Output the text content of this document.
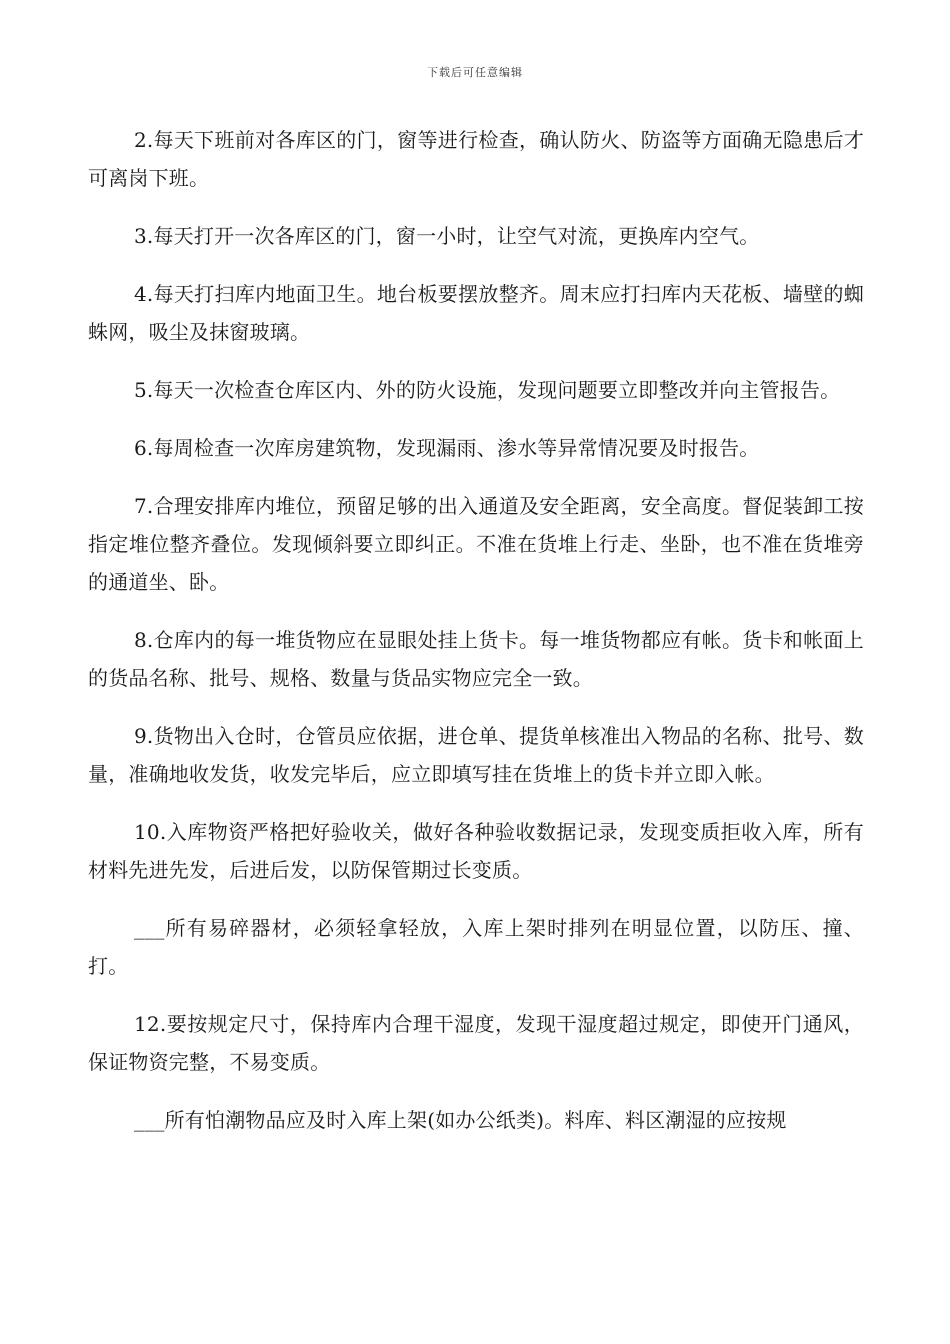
下载后可任意编辑

2.每天下班前对各库区的门，窗等进行检查，确认防火、防盗等方面确无隐患后才可离岗下班。

3.每天打开一次各库区的门，窗一小时，让空气对流，更换库内空气。

4.每天打扫库内地面卫生。地台板要摆放整齐。周末应打扫库内天花板、墙壁的蜘蛛网，吸尘及抹窗玻璃。

5.每天一次检查仓库区内、外的防火设施，发现问题要立即整改并向主管报告。

6.每周检查一次库房建筑物，发现漏雨、渗水等异常情况要及时报告。

7.合理安排库内堆位，预留足够的出入通道及安全距离，安全高度。督促装卸工按指定堆位整齐叠位。发现倾斜要立即纠正。不准在货堆上行走、坐卧，也不准在货堆旁的通道坐、卧。

8.仓库内的每一堆货物应在显眼处挂上货卡。每一堆货物都应有帐。货卡和帐面上的货品名称、批号、规格、数量与货品实物应完全一致。

9.货物出入仓时，仓管员应依据，进仓单、提货单核准出入物品的名称、批号、数量，准确地收发货，收发完毕后，应立即填写挂在货堆上的货卡并立即入帐。

10.入库物资严格把好验收关，做好各种验收数据记录，发现变质拒收入库，所有材料先进先发，后进后发，以防保管期过长变质。

___所有易碎器材，必须轻拿轻放，入库上架时排列在明显位置，以防压、撞、打。

12.要按规定尺寸，保持库内合理干湿度，发现干湿度超过规定，即使开门通风，保证物资完整，不易变质。

___所有怕潮物品应及时入库上架(如办公纸类)。料库、料区潮湿的应按规
